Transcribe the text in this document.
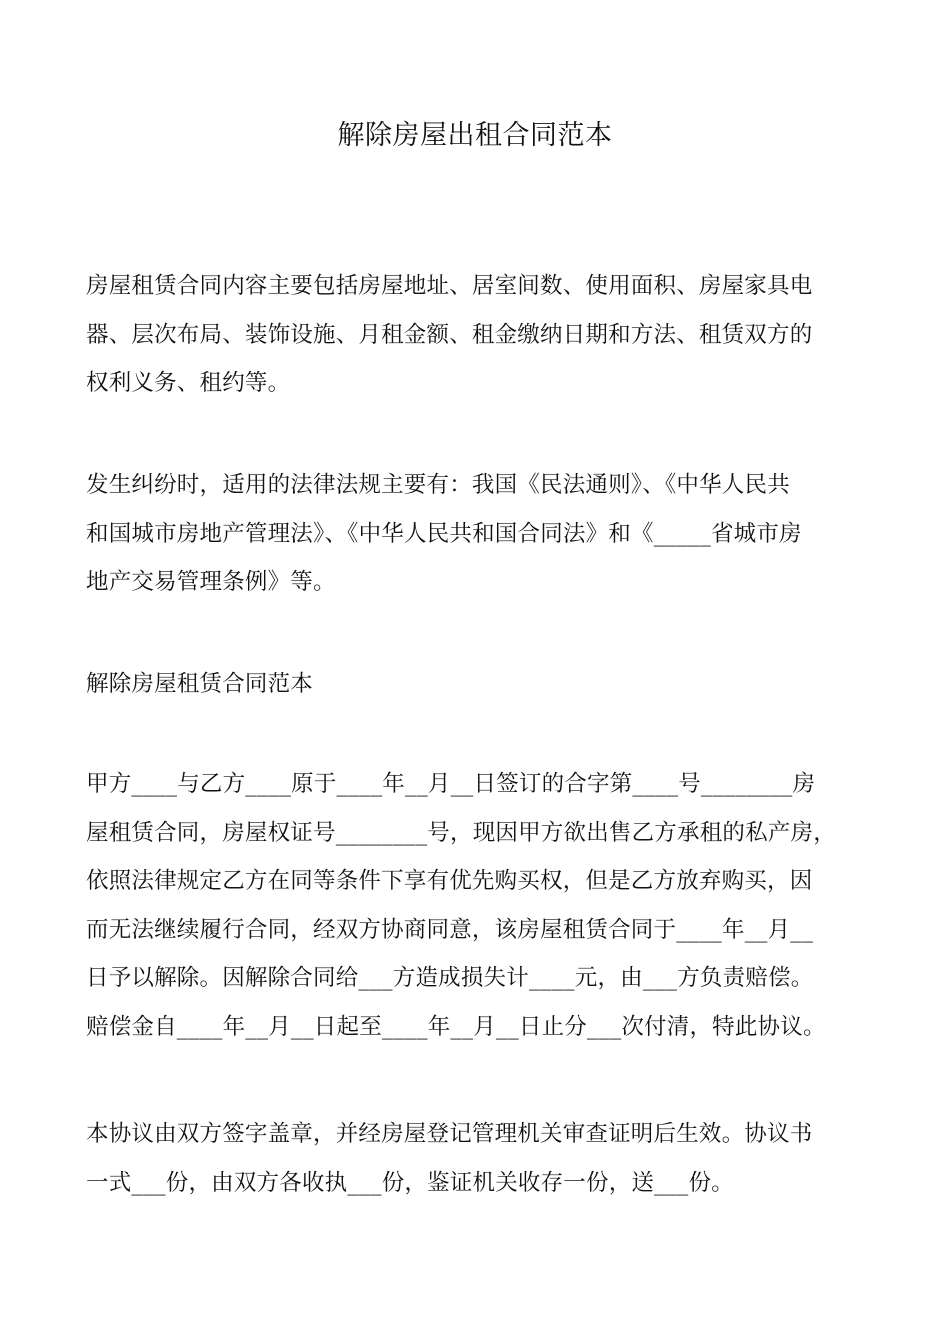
解除房屋出租合同范本

房屋租赁合同内容主要包括房屋地址、居室间数、使用面积、房屋家具电
器、层次布局、装饰设施、月租金额、租金缴纳日期和方法、租赁双方的
权利义务、租约等。

发生纠纷时，适用的法律法规主要有：我国《民法通则》、《中华人民共
和国城市房地产管理法》、《中华人民共和国合同法》和《_____省城市房
地产交易管理条例》等。

解除房屋租赁合同范本

甲方____与乙方____原于____年__月__日签订的合字第____号________房
屋租赁合同，房屋权证号________号，现因甲方欲出售乙方承租的私产房，
依照法律规定乙方在同等条件下享有优先购买权，但是乙方放弃购买，因
而无法继续履行合同，经双方协商同意，该房屋租赁合同于____年__月__
日予以解除。因解除合同给___方造成损失计____元，由___方负责赔偿。
赔偿金自____年__月__日起至____年__月__日止分___次付清，特此协议。

本协议由双方签字盖章，并经房屋登记管理机关审查证明后生效。协议书
一式___份，由双方各收执___份，鉴证机关收存一份，送___份。
